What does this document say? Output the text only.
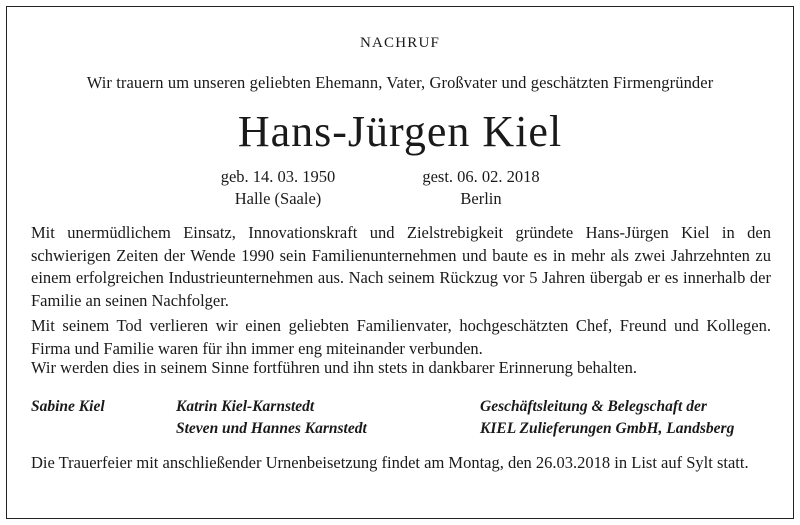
NACHRUF
Wir trauern um unseren geliebten Ehemann, Vater, Großvater und geschätzten Firmengründer
Hans-Jürgen Kiel
geb. 14. 03. 1950
Halle (Saale)
gest. 06. 02. 2018
Berlin
Mit unermüdlichem Einsatz, Innovationskraft und Zielstrebigkeit gründete Hans-Jürgen Kiel in den schwierigen Zeiten der Wende 1990 sein Familienunternehmen und baute es in mehr als zwei Jahrzehnten zu einem erfolgreichen Industrieunternehmen aus. Nach seinem Rückzug vor 5 Jahren übergab er es innerhalb der Familie an seinen Nachfolger.
Mit seinem Tod verlieren wir einen geliebten Familienvater, hochgeschätzten Chef, Freund und Kollegen. Firma und Familie waren für ihn immer eng miteinander verbunden.
Wir werden dies in seinem Sinne fortführen und ihn stets in dankbarer Erinnerung behalten.
Sabine Kiel	Katrin Kiel-Karnstedt
Steven und Hannes Karnstedt
Geschäftsleitung & Belegschaft der
KIEL Zulieferungen GmbH, Landsberg
Die Trauerfeier mit anschließender Urnenbeisetzung findet am Montag, den 26.03.2018 in List auf Sylt statt.
